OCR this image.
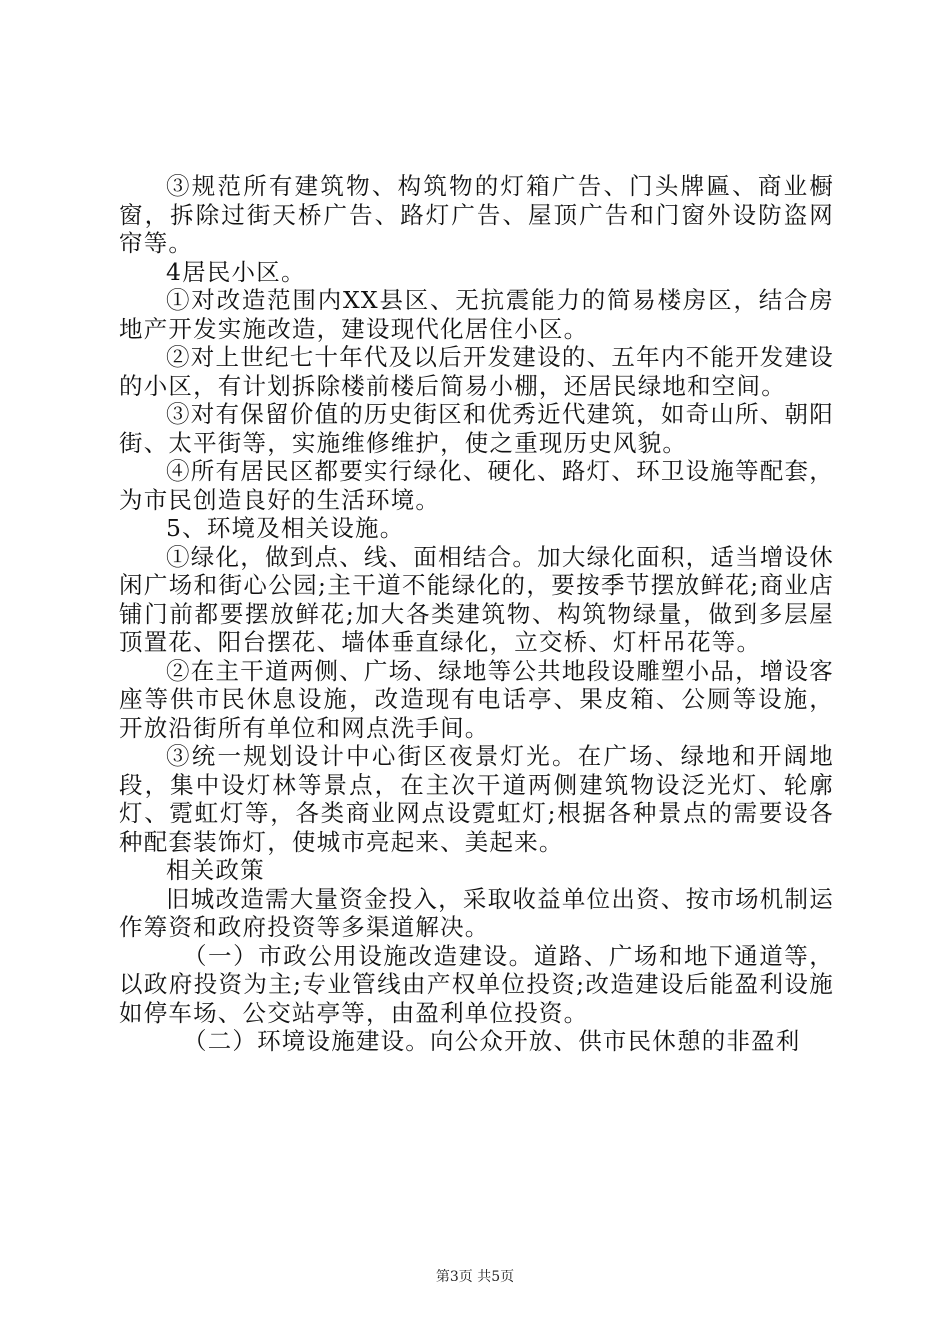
③规范所有建筑物、构筑物的灯箱广告、门头牌匾、商业橱窗，拆除过街天桥广告、路灯广告、屋顶广告和门窗外设防盗网帘等。

4居民小区。

①对改造范围内XX县区、无抗震能力的简易楼房区，结合房地产开发实施改造，建设现代化居住小区。

②对上世纪七十年代及以后开发建设的、五年内不能开发建设的小区，有计划拆除楼前楼后简易小棚，还居民绿地和空间。

③对有保留价值的历史街区和优秀近代建筑，如奇山所、朝阳街、太平街等，实施维修维护，使之重现历史风貌。

④所有居民区都要实行绿化、硬化、路灯、环卫设施等配套，为市民创造良好的生活环境。

5、环境及相关设施。

①绿化，做到点、线、面相结合。加大绿化面积，适当增设休闲广场和街心公园;主干道不能绿化的，要按季节摆放鲜花;商业店铺门前都要摆放鲜花;加大各类建筑物、构筑物绿量，做到多层屋顶置花、阳台摆花、墙体垂直绿化，立交桥、灯杆吊花等。

②在主干道两侧、广场、绿地等公共地段设雕塑小品，增设客座等供市民休息设施，改造现有电话亭、果皮箱、公厕等设施，开放沿街所有单位和网点洗手间。

③统一规划设计中心街区夜景灯光。在广场、绿地和开阔地段，集中设灯林等景点，在主次干道两侧建筑物设泛光灯、轮廓灯、霓虹灯等，各类商业网点设霓虹灯;根据各种景点的需要设各种配套装饰灯，使城市亮起来、美起来。

相关政策

旧城改造需大量资金投入，采取收益单位出资、按市场机制运作筹资和政府投资等多渠道解决。

（一）市政公用设施改造建设。道路、广场和地下通道等，以政府投资为主;专业管线由产权单位投资;改造建设后能盈利设施如停车场、公交站亭等，由盈利单位投资。

（二）环境设施建设。向公众开放、供市民休憩的非盈利

第3页 共5页
